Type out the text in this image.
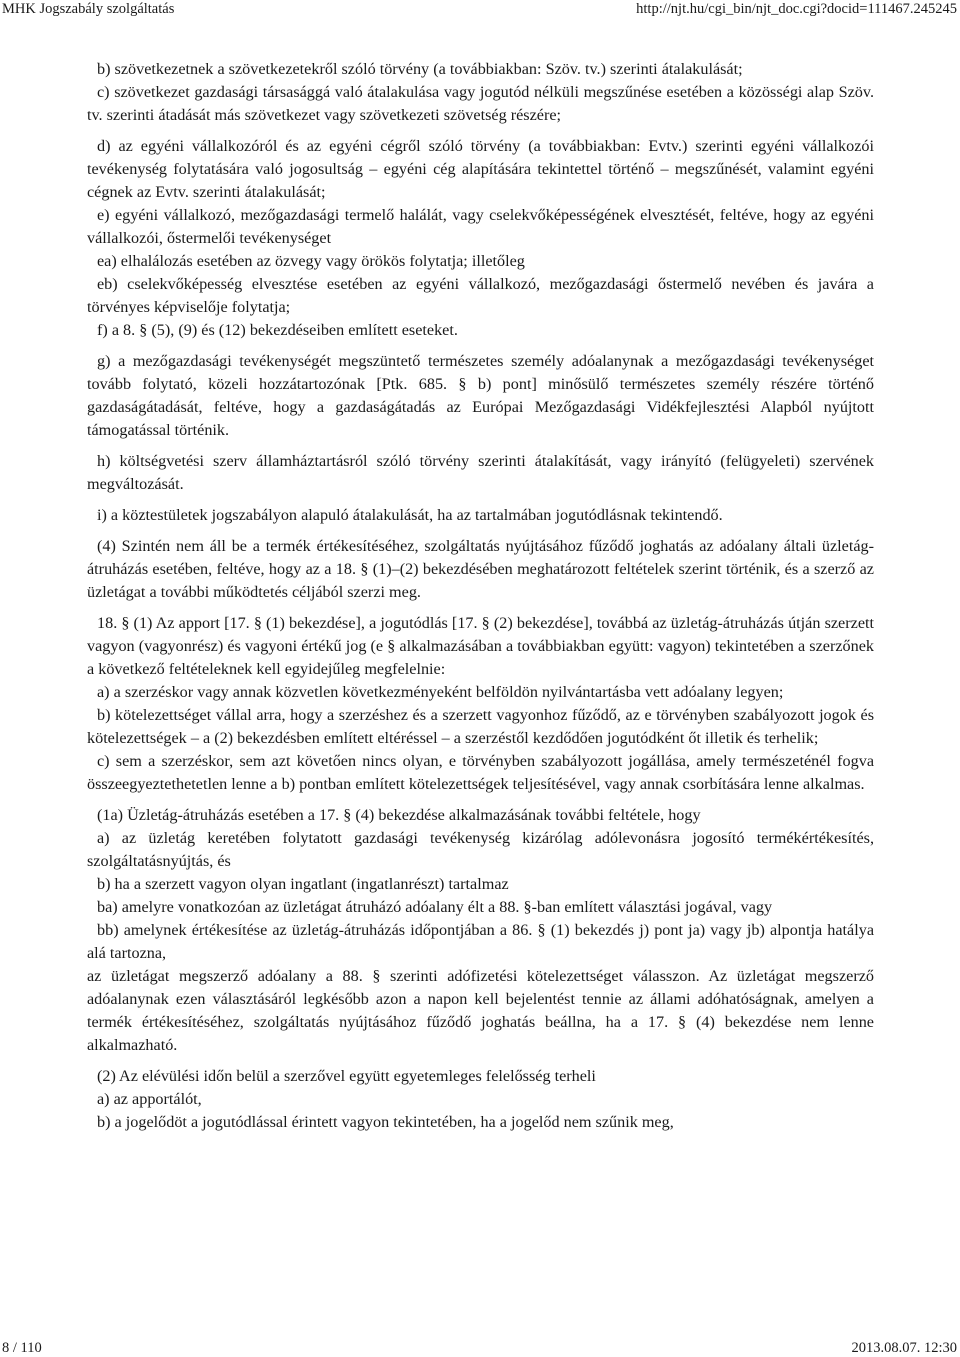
MHK Jogszabály szolgáltatás	http://njt.hu/cgi_bin/njt_doc.cgi?docid=111467.245245

b) szövetkezetnek a szövetkezetekről szóló törvény (a továbbiakban: Szöv. tv.) szerinti átalakulását;

c) szövetkezet gazdasági társasággá való átalakulása vagy jogutód nélküli megszűnése esetében a közösségi alap Szöv. tv. szerinti átadását más szövetkezet vagy szövetkezeti szövetség részére;

d) az egyéni vállalkozóról és az egyéni cégről szóló törvény (a továbbiakban: Evtv.) szerinti egyéni vállalkozói tevékenység folytatására való jogosultság – egyéni cég alapítására tekintettel történő – megszűnését, valamint egyéni cégnek az Evtv. szerinti átalakulását;

e) egyéni vállalkozó, mezőgazdasági termelő halálát, vagy cselekvőképességének elvesztését, feltéve, hogy az egyéni vállalkozói, őstermelői tevékenységet

ea) elhalálozás esetében az özvegy vagy örökös folytatja; illetőleg

eb) cselekvőképesség elvesztése esetében az egyéni vállalkozó, mezőgazdasági őstermelő nevében és javára a törvényes képviselője folytatja;

f) a 8. § (5), (9) és (12) bekezdéseiben említett eseteket.

g) a mezőgazdasági tevékenységét megszüntető természetes személy adóalanynak a mezőgazdasági tevékenységet tovább folytató, közeli hozzátartozónak [Ptk. 685. § b) pont] minősülő természetes személy részére történő gazdaságátadását, feltéve, hogy a gazdaságátadás az Európai Mezőgazdasági Vidékfejlesztési Alapból nyújtott támogatással történik.

h) költségvetési szerv államháztartásról szóló törvény szerinti átalakítását, vagy irányító (felügyeleti) szervének megváltozását.

i) a köztestületek jogszabályon alapuló átalakulását, ha az tartalmában jogutódlásnak tekintendő.

(4) Szintén nem áll be a termék értékesítéséhez, szolgáltatás nyújtásához fűződő joghatás az adóalany általi üzletág-átruházás esetében, feltéve, hogy az a 18. § (1)–(2) bekezdésében meghatározott feltételek szerint történik, és a szerző az üzletágat a további működtetés céljából szerzi meg.

18. § (1) Az apport [17. § (1) bekezdése], a jogutódlás [17. § (2) bekezdése], továbbá az üzletág-átruházás útján szerzett vagyon (vagyonrész) és vagyoni értékű jog (e § alkalmazásában a továbbiakban együtt: vagyon) tekintetében a szerzőnek a következő feltételeknek kell egyidejűleg megfelelnie:

a) a szerzéskor vagy annak közvetlen következményeként belföldön nyilvántartásba vett adóalany legyen;

b) kötelezettséget vállal arra, hogy a szerzéshez és a szerzett vagyonhoz fűződő, az e törvényben szabályozott jogok és kötelezettségek – a (2) bekezdésben említett eltéréssel – a szerzéstől kezdődően jogutódként őt illetik és terhelik;

c) sem a szerzéskor, sem azt követően nincs olyan, e törvényben szabályozott jogállása, amely természeténél fogva összeegyeztethetetlen lenne a b) pontban említett kötelezettségek teljesítésével, vagy annak csorbítására lenne alkalmas.

(1a) Üzletág-átruházás esetében a 17. § (4) bekezdése alkalmazásának további feltétele, hogy

a) az üzletág keretében folytatott gazdasági tevékenység kizárólag adólevonásra jogosító termékértékesítés, szolgáltatásnyújtás, és

b) ha a szerzett vagyon olyan ingatlant (ingatlanrészt) tartalmaz

ba) amelyre vonatkozóan az üzletágat átruházó adóalany élt a 88. §-ban említett választási jogával, vagy

bb) amelynek értékesítése az üzletág-átruházás időpontjában a 86. § (1) bekezdés j) pont ja) vagy jb) alpontja hatálya alá tartozna,

az üzletágat megszerző adóalany a 88. § szerinti adófizetési kötelezettséget válasszon. Az üzletágat megszerző adóalanynak ezen választásáról legkésőbb azon a napon kell bejelentést tennie az állami adóhatóságnak, amelyen a termék értékesítéséhez, szolgáltatás nyújtásához fűződő joghatás beállna, ha a 17. § (4) bekezdése nem lenne alkalmazható.

(2) Az elévülési időn belül a szerzővel együtt egyetemleges felelősség terheli

a) az apportálót,

b) a jogelődöt a jogutódlással érintett vagyon tekintetében, ha a jogelőd nem szűnik meg,

8 / 110	2013.08.07. 12:30
